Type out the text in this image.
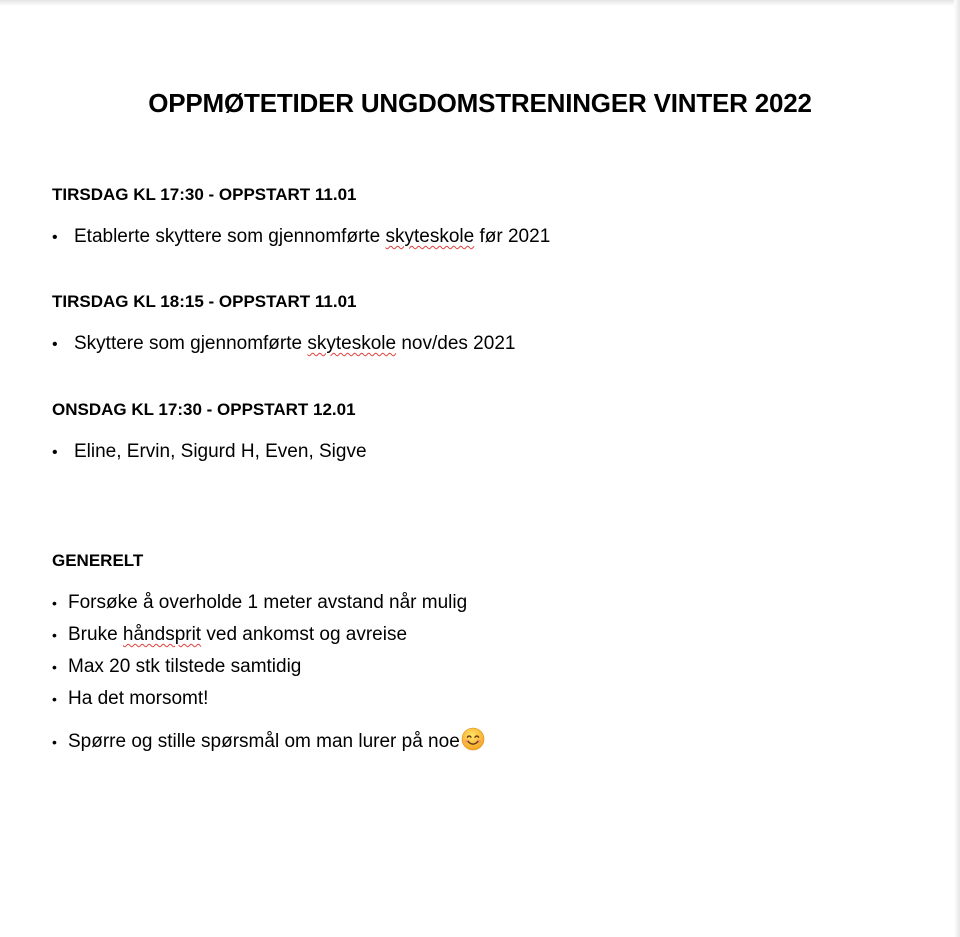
OPPMØTETIDER UNGDOMSTRENINGER VINTER 2022
TIRSDAG KL 17:30 - OPPSTART 11.01
• Etablerte skyttere som gjennomførte skyteskole før 2021
TIRSDAG KL 18:15 - OPPSTART 11.01
• Skyttere som gjennomførte skyteskole nov/des 2021
ONSDAG KL 17:30 - OPPSTART 12.01
• Eline, Ervin, Sigurd H, Even, Sigve
GENERELT
• Forsøke å overholde 1 meter avstand når mulig
• Bruke håndsprit ved ankomst og avreise
• Max 20 stk tilstede samtidig
• Ha det morsomt!
• Spørre og stille spørsmål om man lurer på noe
